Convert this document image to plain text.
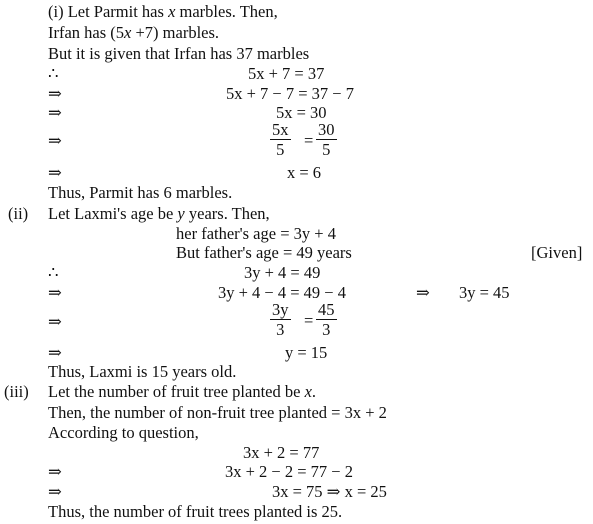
(i) Let Parmit has x marbles. Then,
Irfan has (5x +7) marbles.
But it is given that Irfan has 37 marbles
∴	5x + 7 = 37
⇒	5x + 7 − 7 = 37 − 7
⇒	5x = 30
⇒	$\frac{5x}{5} = \frac{30}{5}$
⇒	x = 6
Thus, Parmit has 6 marbles.
(ii) Let Laxmi's age be y years. Then,
her father's age = 3y + 4
But father's age = 49 years	[Given]
∴	3y + 4 = 49
⇒	3y + 4 − 4 = 49 − 4	⇒ 3y = 45
⇒	$\frac{3y}{3} = \frac{45}{3}$
⇒	y = 15
Thus, Laxmi is 15 years old.
(iii) Let the number of fruit tree planted be x.
Then, the number of non-fruit tree planted = 3x + 2
According to question,
3x + 2 = 77
⇒	3x + 2 − 2 = 77 − 2
⇒	3x = 75 ⇒ x = 25
Thus, the number of fruit trees planted is 25.
